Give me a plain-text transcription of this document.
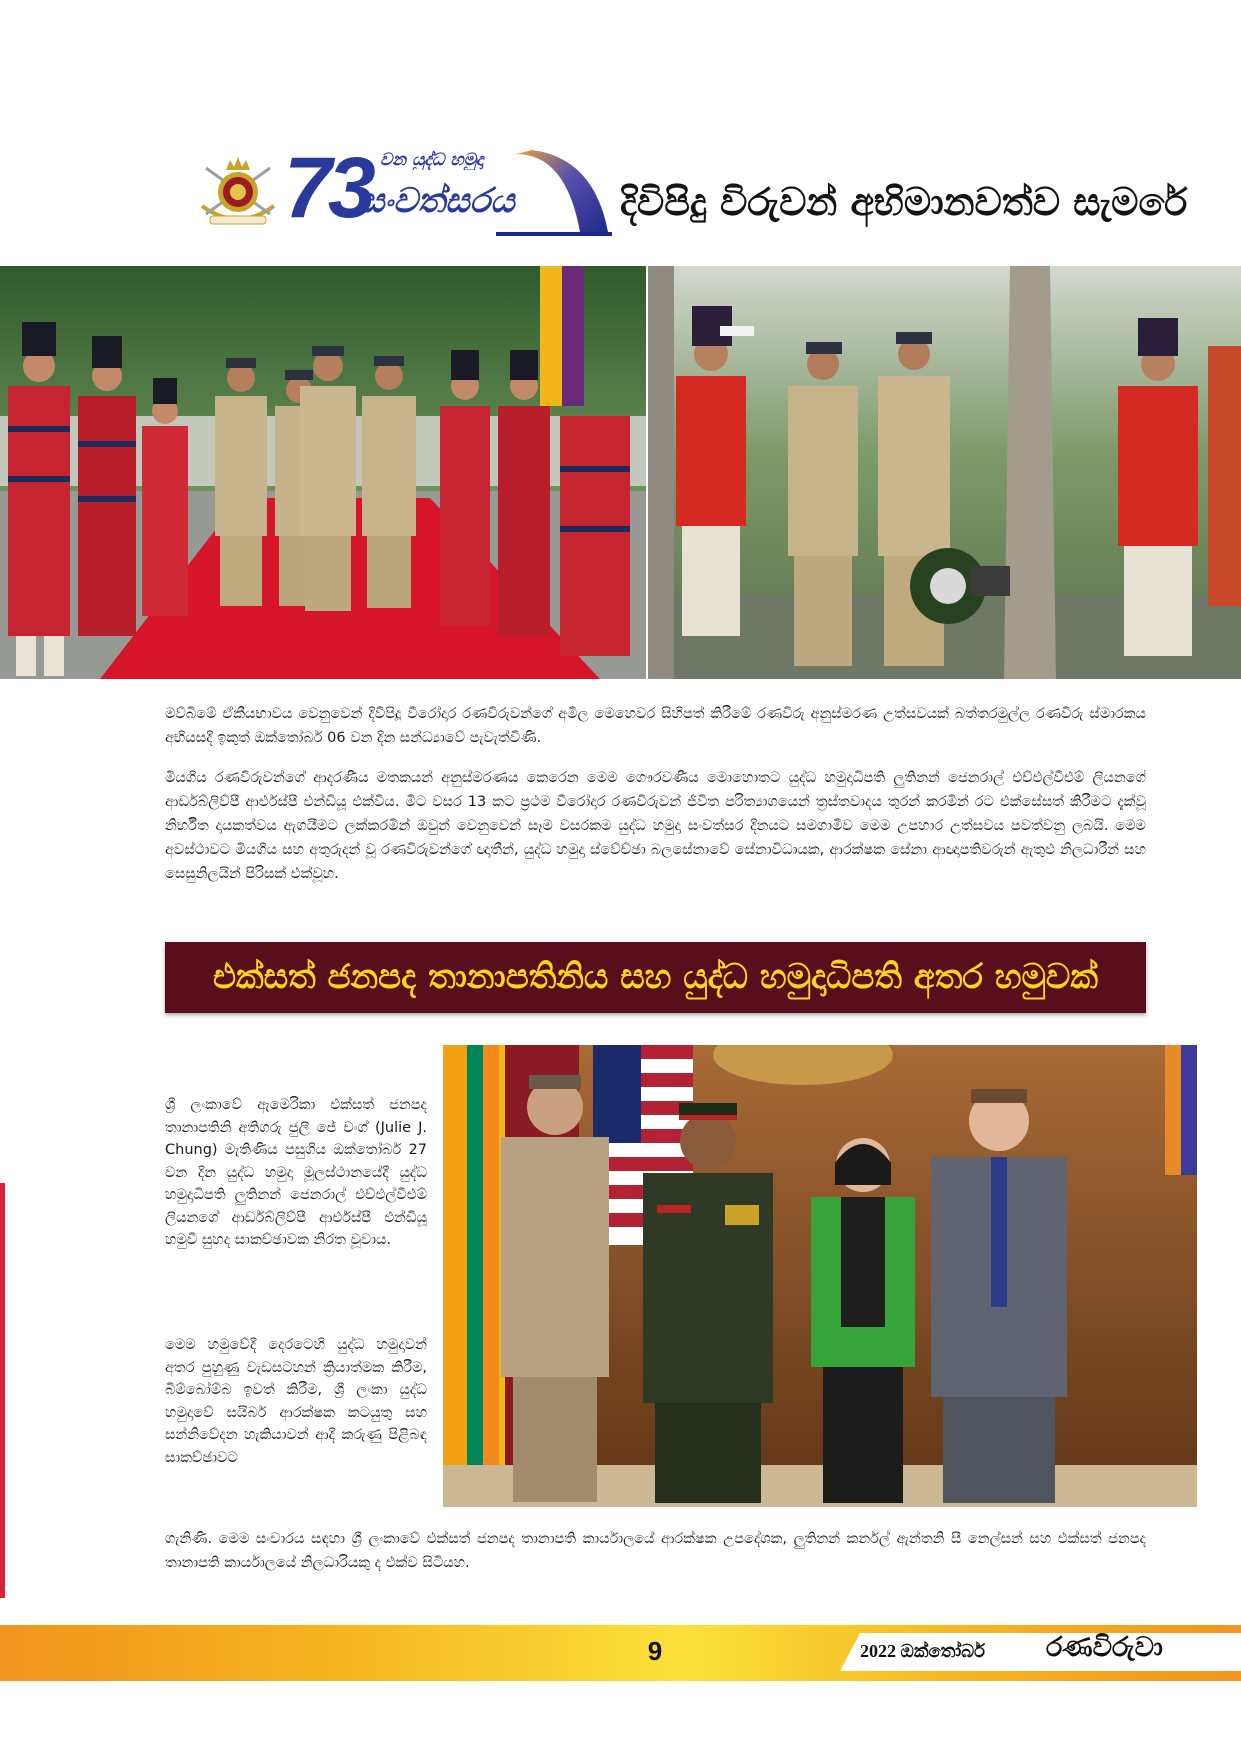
73 වන යුද්ධ හමුදා
සංවත්සරය	දිවිපිදු විරුවන් අභිමානවත්ව සැමරේ
මව්බිමේ ඒකීයභාවය වෙනුවෙන් දිවිපිදූ වීරෝදාර රණවිරුවන්ගේ අමිල මෙහෙවර සිහිපත් කිරීමේ රණවිරු අනුස්මරණ උත්සවයක් බත්තරමුල්ල රණවිරු ස්මාරකය අභියසදී ඉකුත් ඔක්තෝබර් 06 වන දින සන්ධ්‍යාවේ පැවැත්විණි.
මියගිය රණවිරුවන්ගේ ආදරණීය මතකයන් අනුස්මරණය කෙරෙන මෙම ගෞරවණීය මොහොතට යුද්ධ හමුදාධිපති ලුතිනන් ජෙනරාල් එච්එල්වීඑම් ලියනගේ ආර්ඩබ්ලිව්පී ආර්එස්පී එන්ඩියූ එක්විය. මීට වසර 13 කට ප්‍රථම වීරෝදාර රණවිරුවන් ජීවිත පරිත්‍යාගයෙන් ත්‍රස්තවාදය තුරන් කරමින් රට එක්සේසත් කිරීමට දැක්වූ නිර්භීත දායකත්වය ඇගයීමට ලක්කරමින් ඔවුන් වෙනුවෙන් සෑම වසරකම යුද්ධ හමුදා සංවත්සර දිනයට සමගාමීව මෙම උපහාර උත්සවය පවත්වනු ලබයි. මෙම අවස්ථාවට මියගිය සහ අතුරුදන් වූ රණවිරුවන්ගේ ඥාතීන්, යුද්ධ හමුදා ස්වේච්ඡා බලසේනාවේ සේනාවිධායක, ආරක්ෂක සේනා ආඥාපතිවරුන් ඇතුළු නිලධාරීන් සහ සෙසුනිලයින් පිරිසක් එක්වූහ.
එක්සත් ජනපද තානාපතිනිය සහ යුද්ධ හමුදාධිපති අතර හමුවක්
ශ්‍රී ලංකාවේ ඇමෙරිකා එක්සත් ජනපද තානාපතිනි අතිගරු ජුලී ජේ චංග් (Julie J. Chung) මැතිණිය පසුගිය ඔක්තෝබර් 27 වන දින යුද්ධ හමුදා මූලස්ථානයේදී යුද්ධ හමුදාධිපති ලුතිනන් ජෙනරාල් එච්එල්වීඑම් ලියනගේ ආර්ඩබ්ලිව්පී ආර්එස්පී එන්ඩියූ හමුවී සුහද සාකච්ඡාවක නිරත වූවාය.
මෙම හමුවේදී දෙරටෙහි යුද්ධ හමුදාවන් අතර පුහුණු වැඩසටහන් ක්‍රියාත්මක කිරීම, බිම්බෝම්බ ඉවත් කිරීම, ශ්‍රී ලංකා යුද්ධ හමුදාවේ සයිබර් ආරක්ෂක කටයුතු සහ සන්නිවේදන හැකියාවන් ආදී කරුණු පිළිබඳ සාකච්ඡාවට
ගැනිණි. මෙම සංචාරය සඳහා ශ්‍රී ලංකාවේ එක්සත් ජනපද තානාපති කාර්යාලයේ ආරක්ෂක උපදේශක, ලුතිනන් කර්නල් ඇන්තනි සී නෙල්සන් සහ එක්සත් ජනපද තානාපති කාර්යාලයේ නිලධාරියකු ද එක්ව සිටියහ.
9	2022 ඔක්තෝබර්	රණවිරුවා
